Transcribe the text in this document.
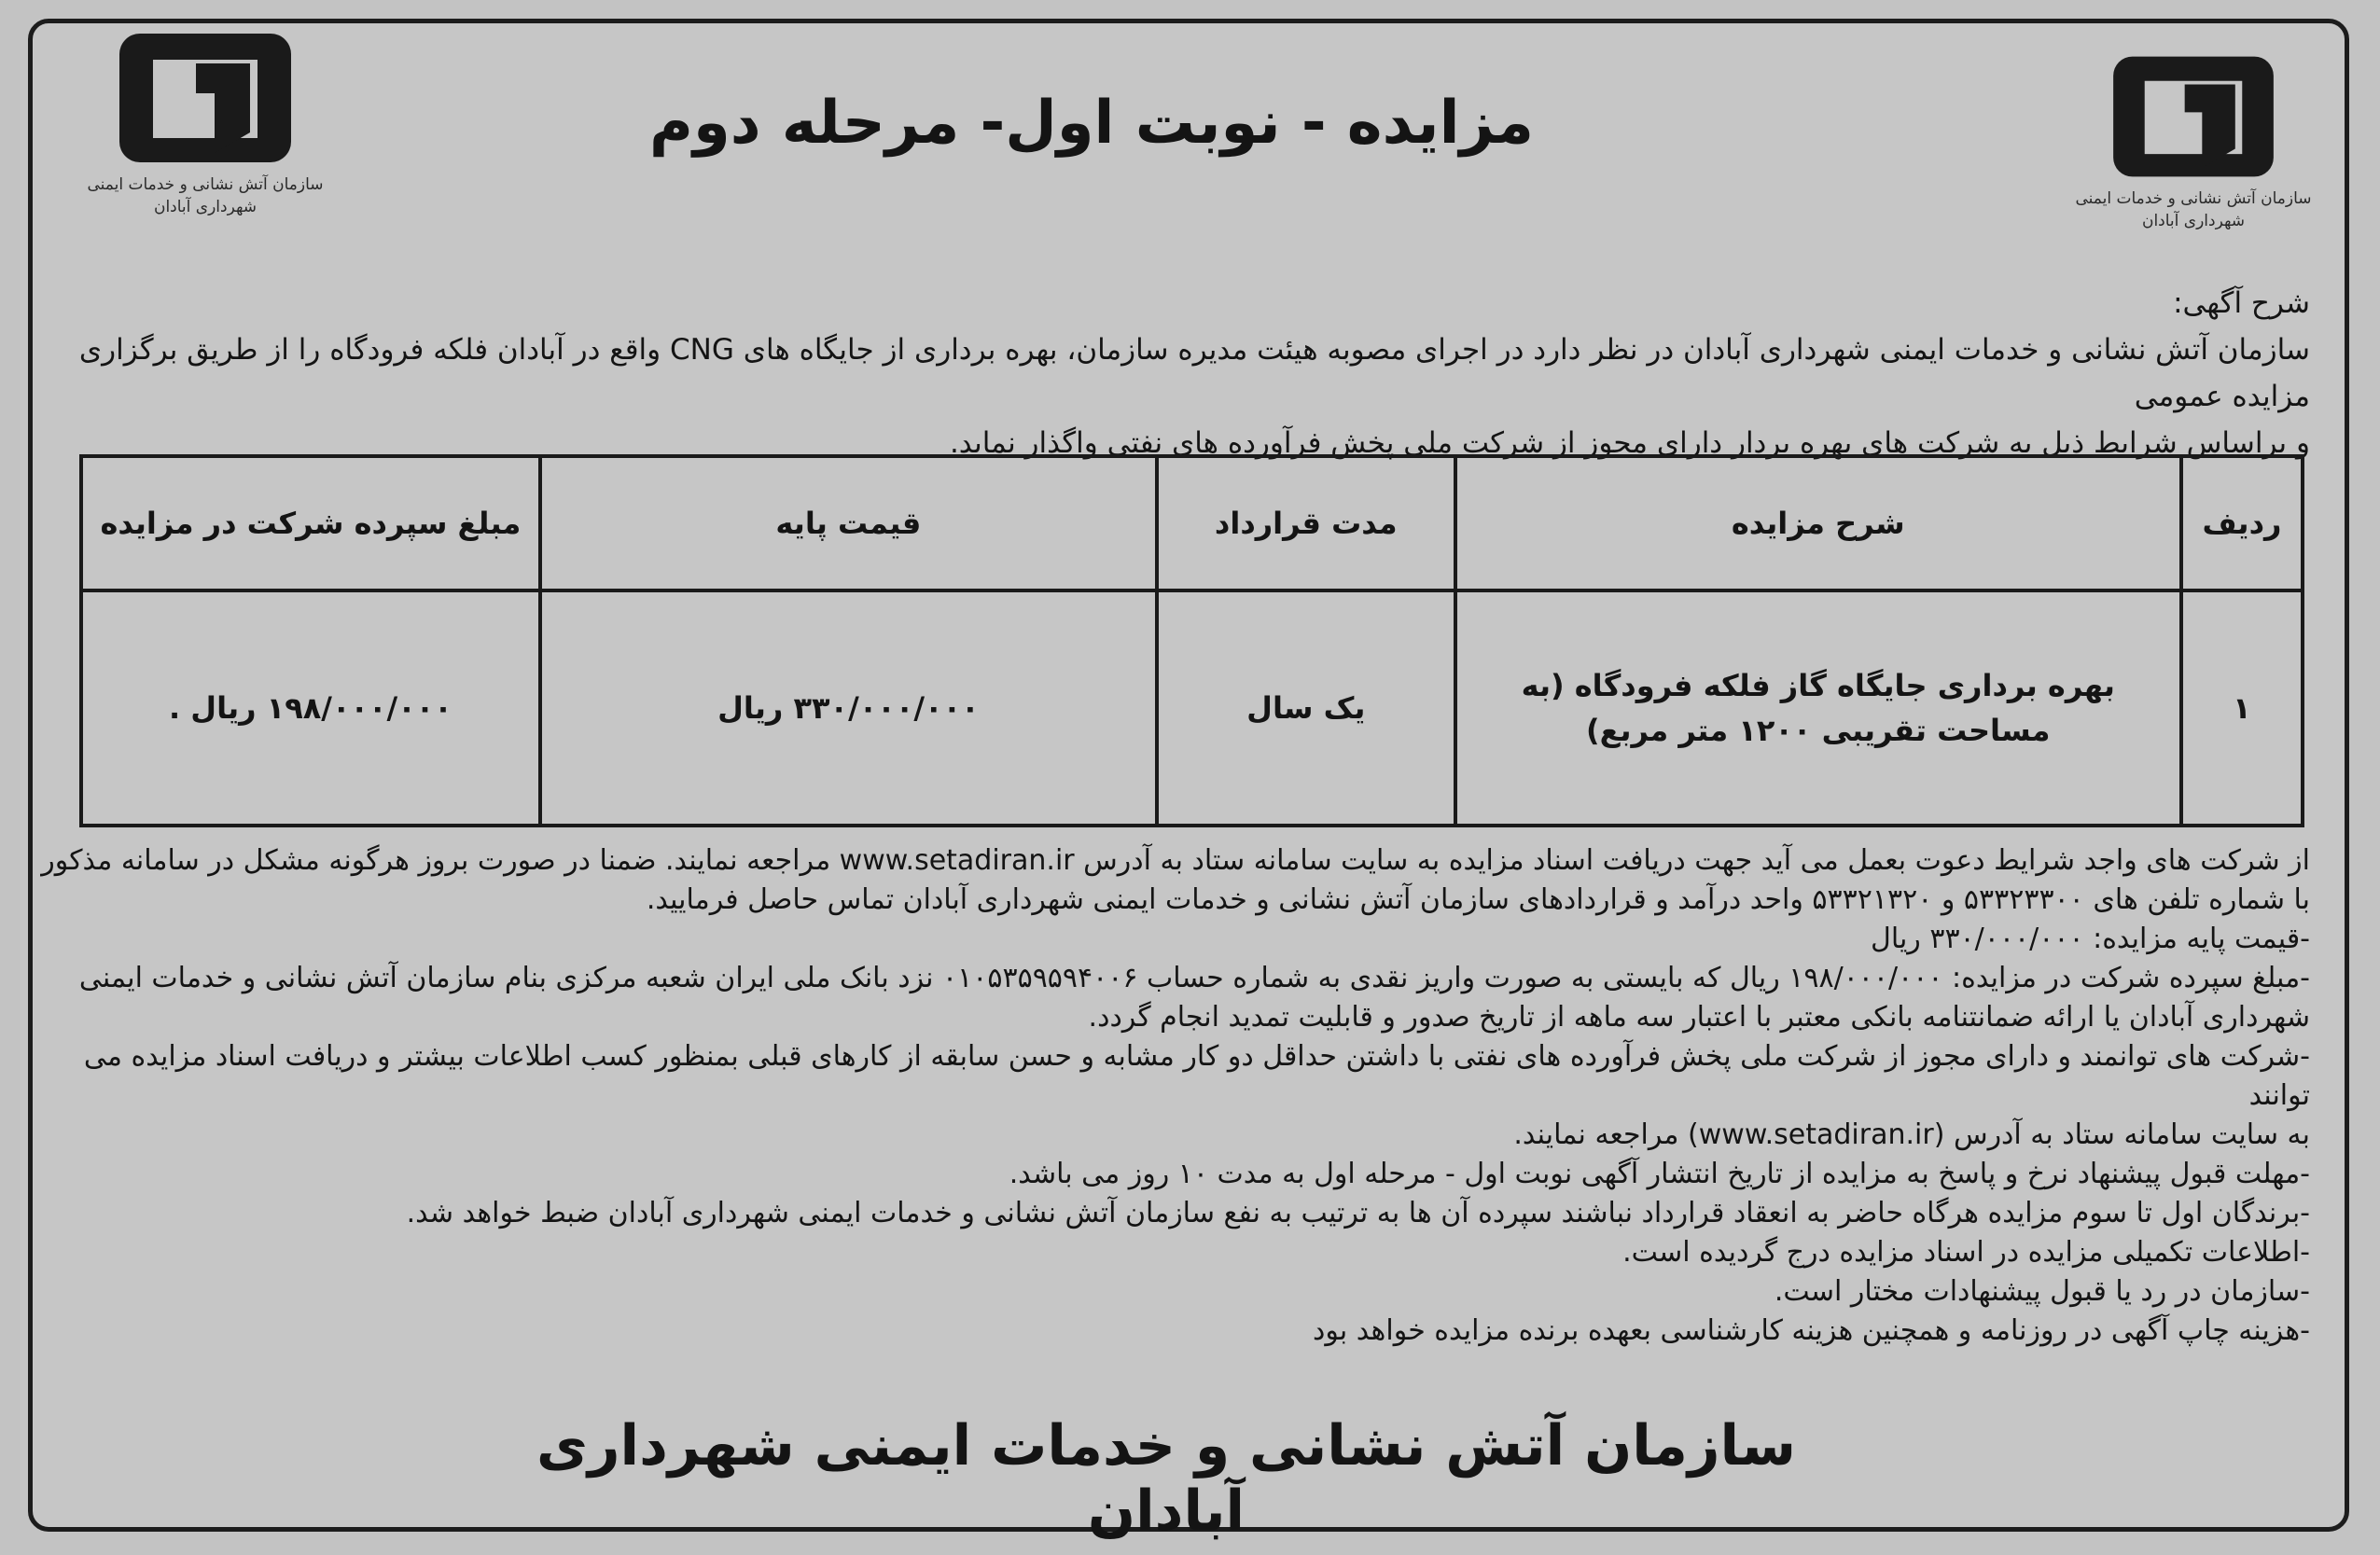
سازمان آتش نشانی و خدمات ایمنی
شهرداری آبادان	سازمان آتش نشانی و خدمات ایمنی
شهرداری آبادان
مزایده - نوبت اول- مرحله دوم

شرح آگهی:

سازمان آتش نشانی و خدمات ایمنی شهرداری آبادان در نظر دارد در اجرای مصوبه هیئت مدیره سازمان، بهره برداری از جایگاه های CNG واقع در آبادان فلکه فرودگاه را از طریق برگزاری مزایده عمومی

و براساس شرایط ذیل به شرکت های بهره بردار دارای مجوز از شرکت ملی پخش فرآورده های نفتی واگذار نماید.

ردیف	شرح مزایده	مدت قرارداد	قیمت پایه	مبلغ سپرده شرکت در مزایده
۱	بهره برداری جایگاه گاز فلکه فرودگاه (به مساحت تقریبی ۱۲۰۰ متر مربع)	یک سال	۳۳۰/۰۰۰/۰۰۰ ریال	۱۹۸/۰۰۰/۰۰۰ ریال .

از شرکت های واجد شرایط دعوت بعمل می آید جهت دریافت اسناد مزایده به سایت سامانه ستاد به آدرس www.setadiran.ir مراجعه نمایند. ضمنا در صورت بروز هرگونه مشکل در سامانه مذکور

با شماره تلفن های ۵۳۳۲۳۳۰۰ و ۵۳۳۲۱۳۲۰ واحد درآمد و قراردادهای سازمان آتش نشانی و خدمات ایمنی شهرداری آبادان تماس حاصل فرمایید.

-قیمت پایه مزایده: ۳۳۰/۰۰۰/۰۰۰ ریال

-مبلغ سپرده شرکت در مزایده: ۱۹۸/۰۰۰/۰۰۰ ریال که بایستی به صورت واریز نقدی به شماره حساب ۰۱۰۵۳۵۹۵۹۴۰۰۶ نزد بانک ملی ایران شعبه مرکزی بنام سازمان آتش نشانی و خدمات ایمنی

شهرداری آبادان یا ارائه ضمانتنامه بانکی معتبر با اعتبار سه ماهه از تاریخ صدور و قابلیت تمدید انجام گردد.

-شرکت های توانمند و دارای مجوز از شرکت ملی پخش فرآورده های نفتی با داشتن حداقل دو کار مشابه و حسن سابقه از کارهای قبلی بمنظور کسب اطلاعات بیشتر و دریافت اسناد مزایده می توانند

به سایت سامانه ستاد به آدرس (www.setadiran.ir) مراجعه نمایند.

-مهلت قبول پیشنهاد نرخ و پاسخ به مزایده از تاریخ انتشار آگهی نوبت اول - مرحله اول به مدت ۱۰ روز می باشد.

-برندگان اول تا سوم مزایده هرگاه حاضر به انعقاد قرارداد نباشند سپرده آن ها به ترتیب به نفع سازمان آتش نشانی و خدمات ایمنی شهرداری آبادان ضبط خواهد شد.

-اطلاعات تکمیلی مزایده در اسناد مزایده درج گردیده است.

-سازمان در رد یا قبول پیشنهادات مختار است.

-هزینه چاپ آگهی در روزنامه و همچنین هزینه کارشناسی بعهده برنده مزایده خواهد بود

سازمان آتش نشانی و خدمات ایمنی شهرداری آبادان
